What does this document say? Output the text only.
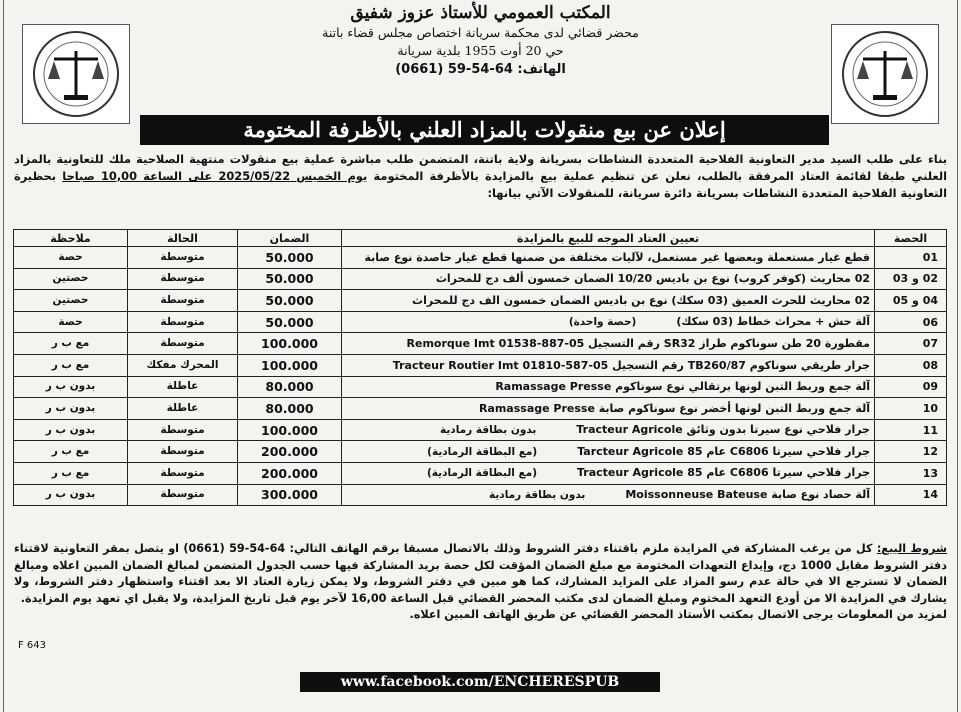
المكتب العمومي للأستاذ عزوز شفيق
محضر قضائي لدى محكمة سريانة اختصاص مجلس قضاء باتنة
حي 20 أوت 1955 بلدية سريانة
الهاتف: 64-54-59 (0661)
إعلان عن بيع منقولات بالمزاد العلني بالأظرفة المختومة
بناء على طلب السيد مدير التعاونية الفلاحية المتعددة النشاطات بسريانة ولاية باتنة، المتضمن طلب مباشرة عملية بيع منقولات منتهية الصلاحية ملك للتعاونية بالمزاد العلني طبقا لقائمة العتاد المرفقة بالطلب، نعلن عن تنظيم عملية بيع بالمزايدة بالأظرفة المختومة يوم الخميس 2025/05/22 على الساعة 10,00 صباحا بحظيرة التعاونية الفلاحية المتعددة النشاطات بسريانة دائرة سريانة، للمنقولات الآتي بيانها:
الحصة	تعيين العتاد الموجه للبيع بالمزايدة	الضمان	الحالة	ملاحظة
01	قطع غيار مستعملة وبعضها غير مستعمل، لآليات مختلفة من ضمنها قطع غيار حاصدة نوع صابة	50.000	متوسطة	حصة
02 و 03	02 محاريث (كوفر كروب) نوع بن باديس 10/20 الضمان خمسون ألف دج للمحراث	50.000	متوسطة	حصتين
04 و 05	02 محاريث للحرث العميق (03 سكك) نوع بن باديس الضمان خمسون الف دج للمحراث	50.000	متوسطة	حصتين
06	آلة حش + محراث خطاط (03 سكك)(حصة واحدة)	50.000	متوسطة	حصة
07	مقطورة 20 طن سوناكوم طراز SR32 رقم التسجيل 05-887-01538 Remorque Imt	100.000	متوسطة	مع ب ر
08	جرار طريقي سوناكوم TB260/87 رقم التسجيل 05-587-01810 Tracteur Routier Imt	100.000	المحرك مفكك	مع ب ر
09	آلة جمع وربط التبن لونها برتقالي نوع سوناكوم Ramassage Presse	80.000	عاطلة	بدون ب ر
10	آلة جمع وربط التبن لونها أخضر نوع سوناكوم صابة Ramassage Presse	80.000	عاطلة	بدون ب ر
11	جرار فلاحي نوع سيرتا بدون وثائق Tracteur Agricoleبدون بطاقة رمادية	100.000	متوسطة	بدون ب ر
12	جرار فلاحي سيرتا C6806 عام 85 Tarcteur Agricole(مع البطاقة الرمادية)	200.000	متوسطة	مع ب ر
13	جرار فلاحي سيرتا C6806 عام 85 Tracteur Agricole(مع البطاقة الرمادية)	200.000	متوسطة	مع ب ر
14	آلة حصاد نوع صابة Moissonneuse Bateuseبدون بطاقة رمادية	300.000	متوسطة	بدون ب ر
شروط البيع: كل من يرغب المشاركة في المزايدة ملزم باقتناء دفتر الشروط وذلك بالاتصال مسبقا برقم الهاتف التالي: 64-54-59 (0661) او يتصل بمقر التعاونية لاقتناء دفتر الشروط مقابل 1000 دج، وإيداع التعهدات المختومة مع مبلغ الضمان المؤقت لكل حصة بريد المشاركة فيها حسب الجدول المتضمن لمبالغ الضمان المبين اعلاه ومبالغ الضمان لا تسترجع الا في حالة عدم رسو المزاد على المزايد المشارك، كما هو مبين في دفتر الشروط، ولا يمكن زيارة العتاد الا بعد اقتناء واستظهار دفتر الشروط، ولا يشارك في المزايدة الا من أودع التعهد المختوم ومبلغ الضمان لدى مكتب المحضر القضائي قبل الساعة 16,00 لآخر يوم قبل تاريخ المزايدة، ولا يقبل اي تعهد يوم المزايدة.
لمزيد من المعلومات يرجى الاتصال بمكتب الأستاذ المحضر القضائي عن طريق الهاتف المبين اعلاه.
F 643
www.facebook.com/ENCHERESPUB
